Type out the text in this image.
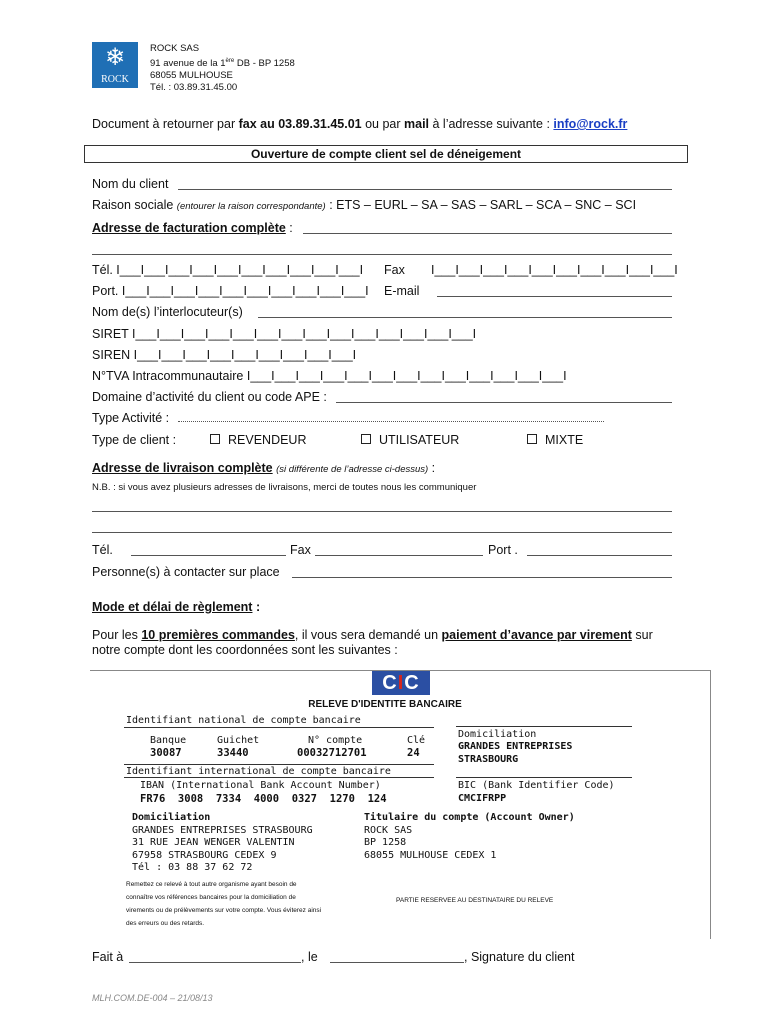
❄
ROCK
ROCK SAS
91 avenue de la 1ère DB - BP 1258
68055 MULHOUSE
Tél. : 03.89.31.45.00
Document à retourner par fax au 03.89.31.45.01 ou par mail à l’adresse suivante : info@rock.fr
Ouverture de compte client sel de déneigement
Nom du client
Raison sociale (entourer la raison correspondante) : ETS – EURL – SA – SAS – SARL – SCA – SNC – SCI
Adresse de facturation complète :
Tél. I___I___I___I___I___I___I___I___I___I___I Fax I___I___I___I___I___I___I___I___I___I___I
Port. I___I___I___I___I___I___I___I___I___I___I E-mail
Nom de(s) l’interlocuteur(s)
SIRET I___I___I___I___I___I___I___I___I___I___I___I___I___I___I
SIREN I___I___I___I___I___I___I___I___I___I
N°TVA Intracommunautaire I___I___I___I___I___I___I___I___I___I___I___I___I___I
Domaine d’activité du client ou code APE :
Type Activité :
Type de client :	REVENDEUR	UTILISATEUR	MIXTE
Adresse de livraison complète (si différente de l’adresse ci-dessus) :
N.B. : si vous avez plusieurs adresses de livraisons, merci de toutes nous les communiquer
Tél.	Fax	Port .
Personne(s) à contacter sur place
Mode et délai de règlement :
Pour les 10 premières commandes, il vous sera demandé un paiement d’avance par virement sur
notre compte dont les coordonnées sont les suivantes :
CIC
RELEVE D'IDENTITE BANCAIRE
Identifiant national de compte bancaire
Banque	Guichet	N° compte	Clé
30087	33440	00032712701	24
Domiciliation
GRANDES ENTREPRISES
STRASBOURG
Identifiant international de compte bancaire
IBAN (International Bank Account Number)
FR76  3008  7334  4000  0327  1270  124
BIC (Bank Identifier Code)
CMCIFRPP
Domiciliation
GRANDES ENTREPRISES STRASBOURG
31 RUE JEAN WENGER VALENTIN
67958 STRASBOURG CEDEX 9
Tél : 03 88 37 62 72
Titulaire du compte (Account Owner)
ROCK SAS
BP 1258
68055 MULHOUSE CEDEX 1
Remettez ce relevé à tout autre organisme ayant besoin de
connaître vos références bancaires pour la domiciliation de
virements ou de prélèvements sur votre compte. Vous éviterez ainsi
des erreurs ou des retards.
PARTIE RESERVEE AU DESTINATAIRE DU RELEVE
Fait à	, le	, Signature du client
MLH.COM.DE-004 – 21/08/13
